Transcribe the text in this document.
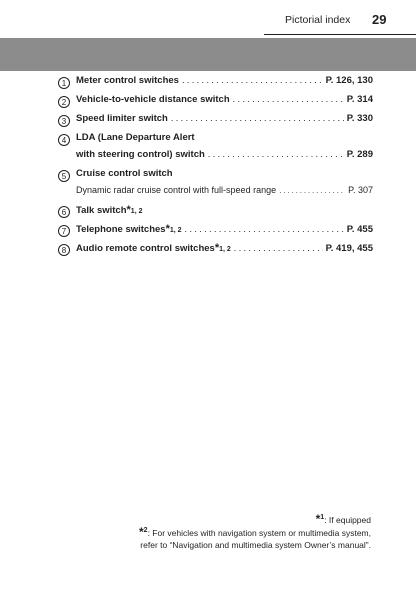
Pictorial index 29
1	Meter control switches .....	P. 126, 130
2	Vehicle-to-vehicle distance switch .....	P. 314
3	Speed limiter switch .....	P. 330
4	LDA (Lane Departure Alert
with steering control) switch .....	P. 289
5	Cruise control switch
Dynamic radar cruise control with full-speed range .....	P. 307
6	Talk switch * 1, 2
7	Telephone switches * 1, 2 .....	P. 455
8	Audio remote control switches * 1, 2 .....	P. 419, 455
*$^1$: If equipped
*$^2$: For vehicles with navigation system or multimedia system,
refer to “Navigation and multimedia system Owner’s manual”.
